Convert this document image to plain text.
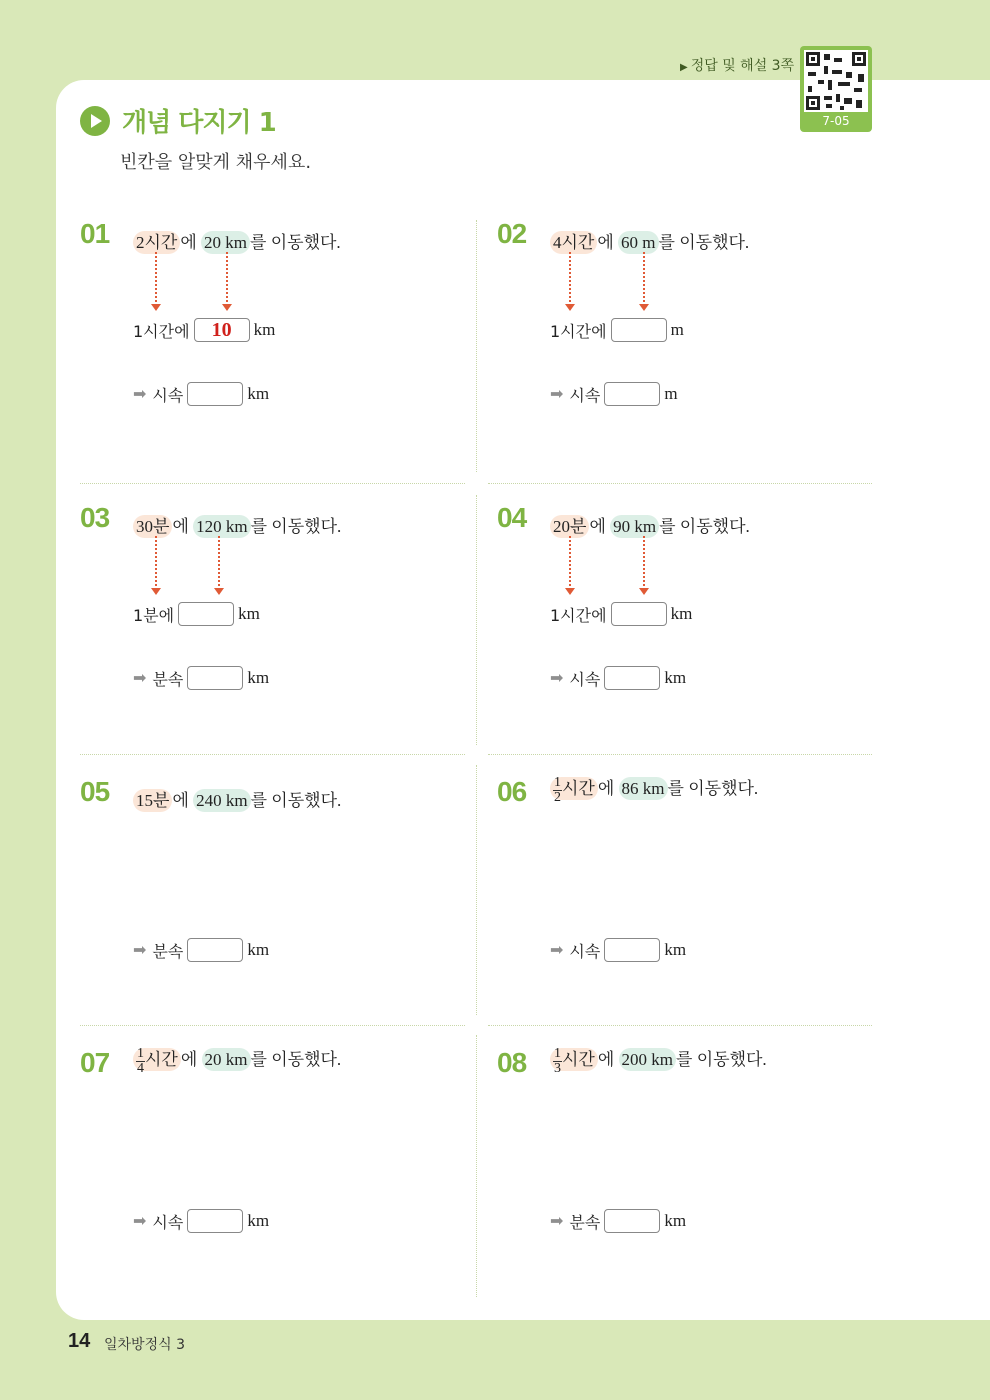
▶ 정답 및 해설 3쪽
7-05
개념 다지기 1
빈칸을 알맞게 채우세요.
01 2시간 에 20 km 를 이동했다.
1시간에	10	km
➡ 시속	km
02 4시간 에 60 m 를 이동했다.
1시간에	m
➡ 시속	m
03 30분 에 120 km 를 이동했다.
1분에	km
➡ 분속	km
04 20분 에 90 km 를 이동했다.
1시간에	km
➡ 시속	km
05 15분 에 240 km 를 이동했다.
➡ 분속	km
$06 \frac{1}{2}$ 시간 에 86 km 를 이동했다.
➡ 시속	km
$07 \frac{1}{4}$ 시간 에 20 km 를 이동했다.
➡ 시속	km
$08 \frac{1}{3}$ 시간 에 200 km 를 이동했다.
➡ 분속	km
14 일차방정식 3
